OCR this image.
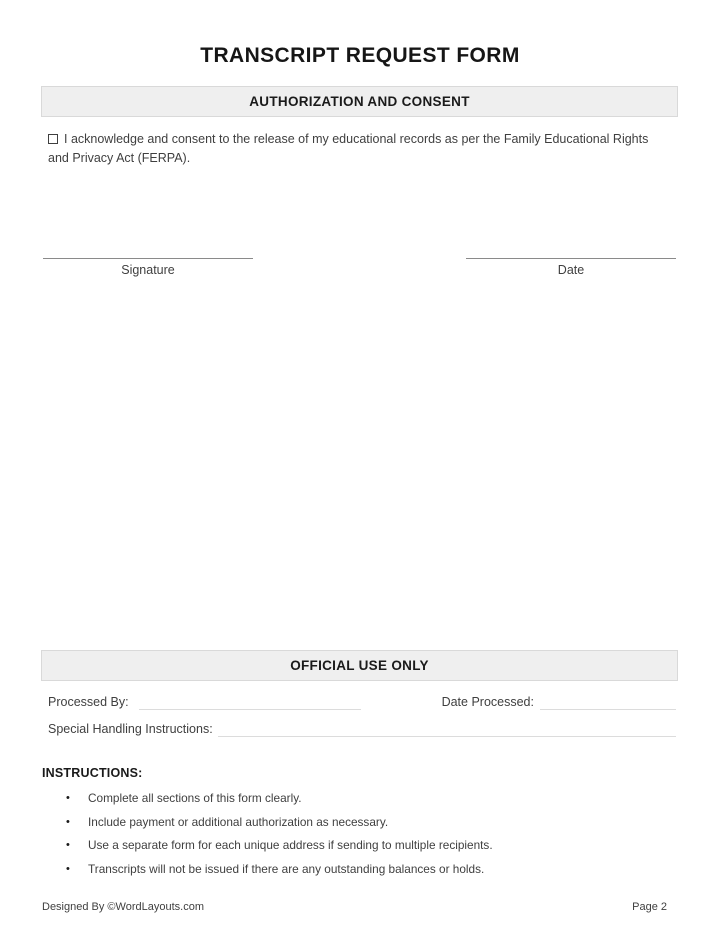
TRANSCRIPT REQUEST FORM
AUTHORIZATION AND CONSENT
I acknowledge and consent to the release of my educational records as per the Family Educational Rights and Privacy Act (FERPA).
Signature	Date
OFFICIAL USE ONLY
Processed By:	Date Processed:
Special Handling Instructions:
INSTRUCTIONS:
•	Complete all sections of this form clearly.
•	Include payment or additional authorization as necessary.
•	Use a separate form for each unique address if sending to multiple recipients.
•	Transcripts will not be issued if there are any outstanding balances or holds.
Designed By ©WordLayouts.com	Page 2
